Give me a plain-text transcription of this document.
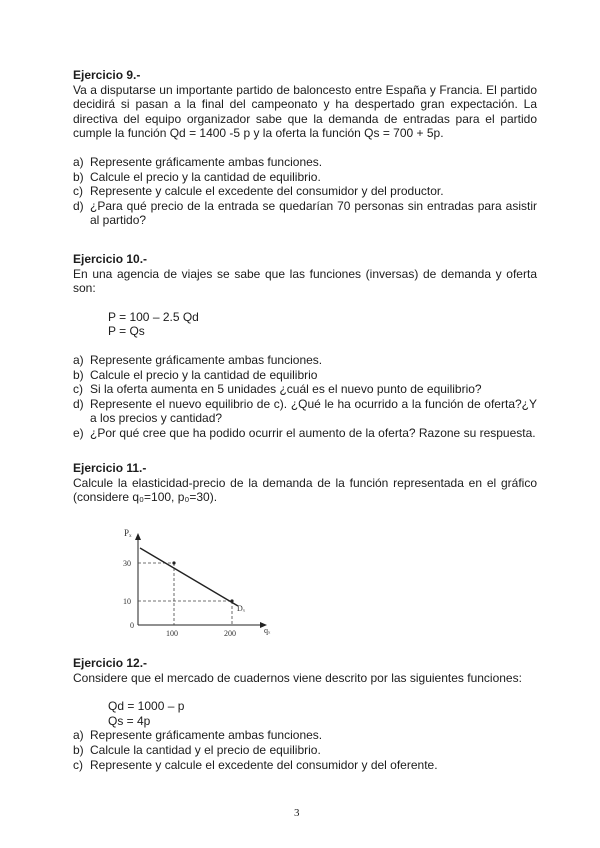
Ejercicio 9.-

Va a disputarse un importante partido de baloncesto entre España y Francia. El partido decidirá si pasan a la final del campeonato y ha despertado gran expectación. La directiva del equipo organizador sabe que la demanda de entradas para el partido cumple la función Qd = 1400 -5 p y la oferta la función Qs = 700 + 5p.

a) Represente gráficamente ambas funciones.
b) Calcule el precio y la cantidad de equilibrio.
c) Represente y calcule el excedente del consumidor y del productor.
d) ¿Para qué precio de la entrada se quedarían 70 personas sin entradas para asistir al partido?

Ejercicio 10.-

En una agencia de viajes se sabe que las funciones (inversas) de demanda y oferta son:

P = 100 – 2.5 Qd
P = Qs
a) Represente gráficamente ambas funciones.
b) Calcule el precio y la cantidad de equilibrio
c) Si la oferta aumenta en 5 unidades ¿cuál es el nuevo punto de equilibrio?
d) Represente el nuevo equilibrio de c). ¿Qué le ha ocurrido a la función de oferta?¿Y a los precios y cantidad?
e) ¿Por qué cree que ha podido ocurrir el aumento de la oferta? Razone su respuesta.

Ejercicio 11.-

Calcule la elasticidad-precio de la demanda de la función representada en el gráfico (considere q₀=100, p₀=30).

Pₓ
qₓ
Dₓ
0
30
10
100	200

Ejercicio 12.-

Considere que el mercado de cuadernos viene descrito por las siguientes funciones:

Qd = 1000 – p
Qs = 4p
a) Represente gráficamente ambas funciones.
b) Calcule la cantidad y el precio de equilibrio.
c) Represente y calcule el excedente del consumidor y del oferente.
3
